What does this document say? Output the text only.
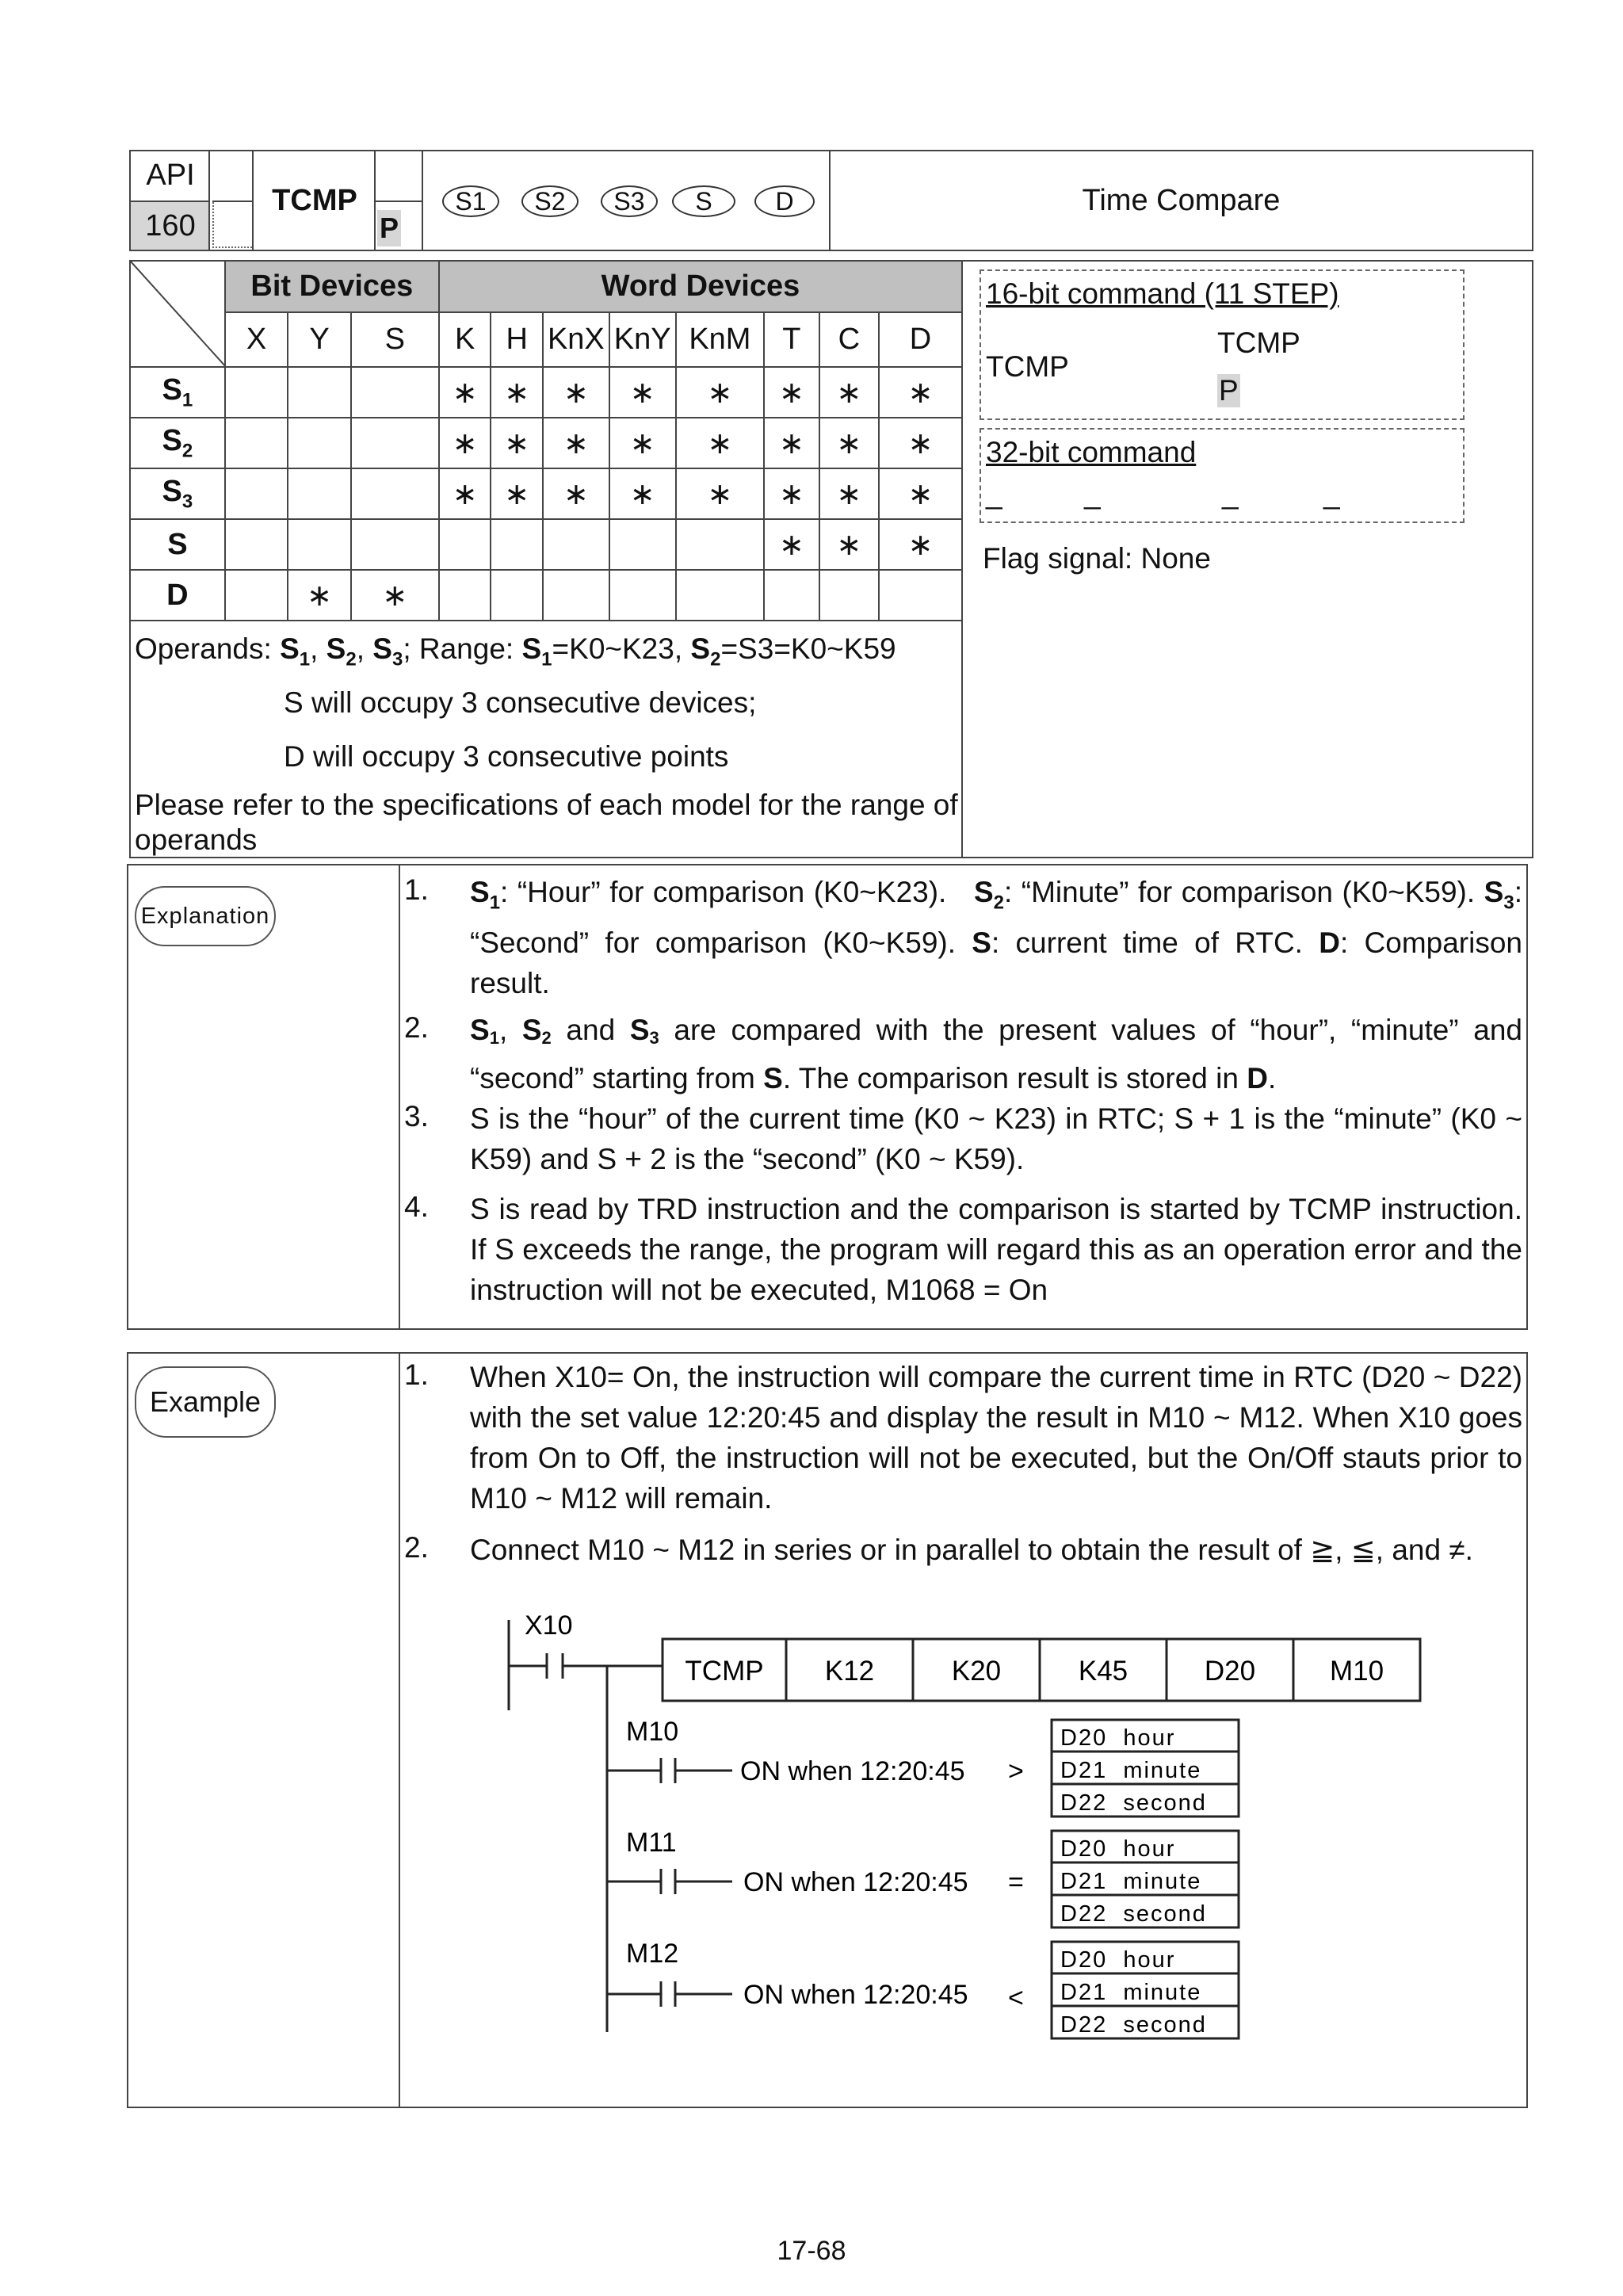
API
160
TCMP
P
S1	S2	S3	S	D	Time Compare
	Bit Devices			Word Devices							
	X	Y	S	K	H	KnX	KnY	KnM	T	C	D
$S_1$				∗	∗	∗	∗	∗	∗	∗	∗
$S_2$				∗	∗	∗	∗	∗	∗	∗	∗
$S_3$				∗	∗	∗	∗	∗	∗	∗	∗
S									∗	∗	∗
D		∗	∗								
Operands: $S_1$, $S_2$, $S_3$; Range: $S_1=K0\sim K23$, $S_2=S3=K0\sim K59$
S will occupy 3 consecutive devices;
D will occupy 3 consecutive points
Please refer to the specifications of each model for the range of operands
16-bit command (11 STEP)
TCMP
TCMP
P
32-bit command
_	_	_	_
Flag signal: None
Explanation
1. $S_1$: “Hour” for comparison (K0~K23).   $S_2$: “Minute” for comparison (K0~K59). $S_3$: “Second” for comparison (K0~K59). S: current time of RTC. D: Comparison result.
2. S1, S2 and S3 are compared with the present values of “hour”, “minute” and “second” starting from S. The comparison result is stored in D.
3. S is the “hour” of the current time (K0 ~ K23) in RTC; S + 1 is the “minute” (K0 ~ K59) and S + 2 is the “second” (K0 ~ K59).
4. S is read by TRD instruction and the comparison is started by TCMP instruction. If S exceeds the range, the program will regard this as an operation error and the instruction will not be executed, M1068 = On
Example
1. When X10= On, the instruction will compare the current time in RTC (D20 ~ D22) with the set value 12:20:45 and display the result in M10 ~ M12. When X10 goes from On to Off, the instruction will not be executed, but the On/Off stauts prior to M10 ~ M12 will remain.
2. Connect M10 ~ M12 in series or in parallel to obtain the result of ≧, ≦, and ≠.
X10
TCMP K12	K20	K45	D20	M10
M10
ON when 12:20:45 >
D20  hour
D21  minute
D22  second
M11
ON when 12:20:45 =
D20  hour
D21  minute
D22  second
M12
ON when 12:20:45 <
D20  hour
D21  minute
D22  second
17-68
